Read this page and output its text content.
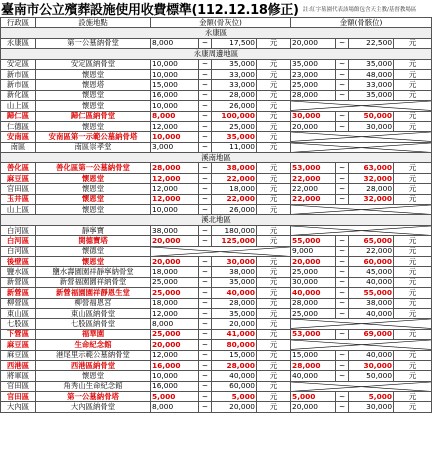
臺南市公立殯葬設施使用收費標準(112.12.18修正) 註:紅字墓園代表該場館包含天主教/基督教場區
行政區	設施地點	金額(骨灰位)				金額(骨骸位)			
永康區									
永康區	第一公墓納骨堂	8,000	~	17,500	元	20,000	~	22,500	元
永康周邊地區									
安定區	安定區納骨堂	10,000	~	35,000	元	35,000	~	35,000	元
新市區	懷恩堂	10,000	~	33,000	元	23,000	~	48,000	元
新市區	懷恩塔	15,000	~	33,000	元	25,000	~	33,000	元
新化區	懷恩堂	16,000	~	28,000	元	28,000	~	35,000	元
山上區	懷恩堂	10,000	~	26,000	元	

歸仁區	歸仁區納骨堂	8,000	~	100,000	元	30,000	~	50,000	元
仁德區	懷恩堂	12,000	~	25,000	元	20,000	~	30,000	元
安南區	安南區第一示範公墓納骨塔	10,000	~	35,000	元	

南區	南區崇孝堂	3,000	~	11,000	元	

溪南地區									
善化區	善化區第一公墓納骨堂	28,000	~	38,000	元	53,000	~	63,000	元
麻豆區	懷恩堂	12,000	~	22,000	元	22,000	~	32,000	元
官田區	懷恩堂	12,000	~	18,000	元	22,000	~	28,000	元
玉井區	懷恩堂	12,000	~	22,000	元	22,000	~	32,000	元
山上區	懷恩堂	10,000	~	26,000	元	

溪北地區									
白河區	靜寧寶	38,000	~	180,000	元	

白河區	関德寶塔	20,000	~	125,000	元	55,000	~	65,000	元
白河區	懷德堂					9,000	~	22,000	元
後壁區	懷恩堂	20,000	~	30,000	元	20,000	~	60,000	元
鹽水區	鹽水壽園園祥靜寧納骨堂	18,000	~	38,000	元	25,000	~	45,000	元
新營區	新營福園園祥納骨堂	25,000	~	35,000	元	30,000	~	40,000	元
新營區	新營福園園祥靜恩生堂	25,000	~	40,000	元	40,000	~	55,000	元
柳營區	柳營福恩宮	18,000	~	28,000	元	28,000	~	38,000	元
東山區	東山區納骨堂	12,000	~	35,000	元	25,000	~	40,000	元
七股區	七股區納骨堂	8,000	~	20,000	元	

下營區	福華園	25,000	~	41,000	元	53,000	~	69,000	元
麻豆區	生命紀念館	20,000	~	80,000	元	

麻豆區	港尾里示範公墓納骨堂	12,000	~	15,000	元	15,000	~	40,000	元
西港區	西港區納骨堂	16,000	~	28,000	元	28,000	~	30,000	元
將軍區	懷恩堂	10,000	~	40,000	元	40,000	~	50,000	元
官田區	角秀山生命紀念館	16,000	~	60,000	元	

官田區	第一公墓納骨塔	5,000	~	5,000	元	5,000	~	5,000	元
大內區	大內區納骨堂	8,000	~	20,000	元	20,000	~	30,000	元
